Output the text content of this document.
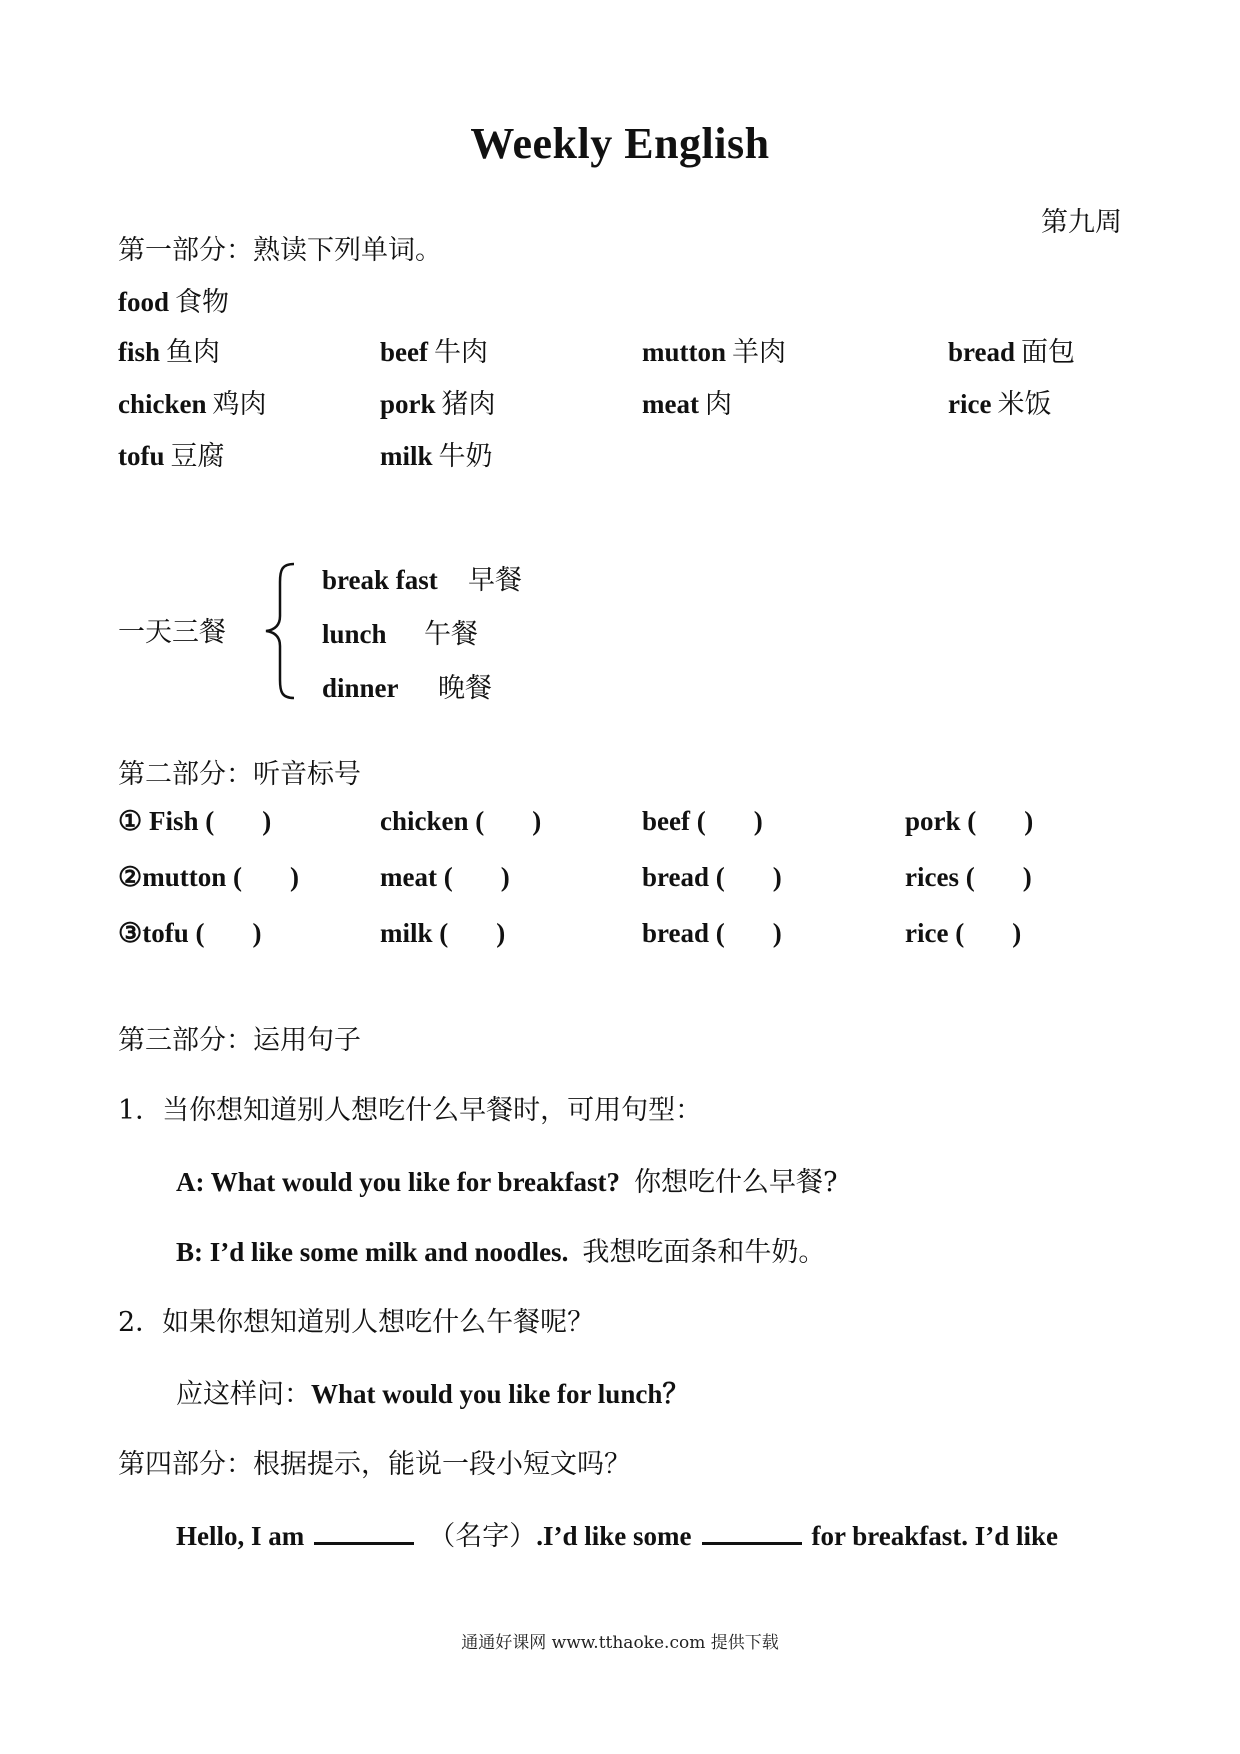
Weekly English
第九周
第一部分：熟读下列单词。
food 食物
fish 鱼肉	beef 牛肉	mutton 羊肉	bread 面包
chicken 鸡肉	pork 猪肉	meat 肉	rice 米饭
tofu 豆腐	milk 牛奶
一天三餐
break fast 早餐
lunch 午餐
dinner 晚餐
第二部分：听音标号
① Fish ( )	chicken ( )	beef ( )	pork ( )
②mutton ( )	meat ( )	bread ( )	rices ( )
③tofu ( )	milk ( )	bread ( )	rice ( )
第三部分：运用句子
1．当你想知道别人想吃什么早餐时，可用句型：
A: What would you like for breakfast? 你想吃什么早餐?
B: I’d like some milk and noodles. 我想吃面条和牛奶。
2．如果你想知道别人想吃什么午餐呢？
应这样问：What would you like for lunch？
第四部分：根据提示，能说一段小短文吗？
Hello, I am	（名字）.I’d like some	for breakfast. I’d like
通通好课网 www.tthaoke.com 提供下载
